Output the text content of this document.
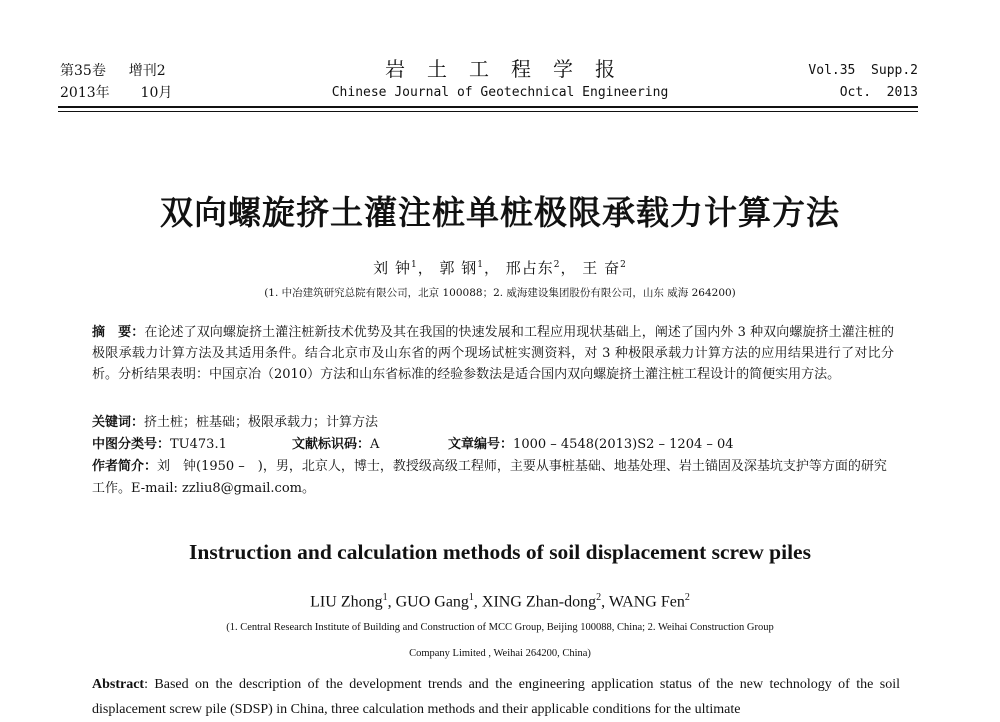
第35卷 增刊2
2013年 10月
岩土工程学报
Chinese Journal of Geotechnical Engineering
Vol.35  Supp.2
Oct.  2013
双向螺旋挤土灌注桩单桩极限承载力计算方法
刘 钟$^1$， 郭 钢$^1$， 邢占东$^2$， 王 奋$^2$
(1. 中冶建筑研究总院有限公司，北京 100088；2. 威海建设集团股份有限公司，山东 威海 264200)
摘　要：在论述了双向螺旋挤土灌注桩新技术优势及其在我国的快速发展和工程应用现状基础上，阐述了国内外 3 种双向螺旋挤土灌注桩的极限承载力计算方法及其适用条件。结合北京市及山东省的两个现场试桩实测资料，对 3 种极限承载力计算方法的应用结果进行了对比分析。分析结果表明：中国京冶（2010）方法和山东省标准的经验参数法是适合国内双向螺旋挤土灌注桩工程设计的简便实用方法。
关键词：挤土桩；桩基础；极限承载力；计算方法
中图分类号：TU473.1	文献标识码：A	文章编号：1000 – 4548(2013)S2 – 1204 – 04
作者简介：刘　钟(1950 –　)，男，北京人，博士，教授级高级工程师，主要从事桩基础、地基处理、岩土锚固及深基坑支护等方面的研究工作。E-mail: zzliu8@gmail.com。
Instruction and calculation methods of soil displacement screw piles
LIU Zhong$^1$, GUO Gang$^1$, XING Zhan-dong$^2$, WANG Fen$^2$
(1. Central Research Institute of Building and Construction of MCC Group, Beijing 100088, China; 2. Weihai Construction Group
Company Limited , Weihai 264200, China)
Abstract: Based on the description of the development trends and the engineering application status of the new technology of the soil displacement screw pile (SDSP) in China, three calculation methods and their applicable conditions for the ultimate
